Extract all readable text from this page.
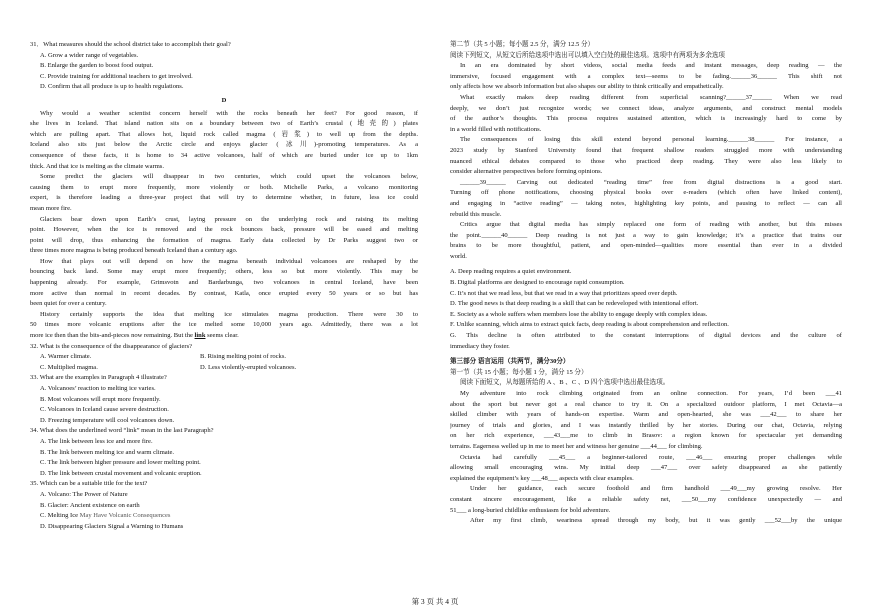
31．What measures should the school district take to accomplish their goal?
A. Grow a wider range of vegetables.
B. Enlarge the garden to boost food output.
C. Provide training for additional teachers to get involved.
D. Confirm that all produce is up to health regulations.
D
Why would a weather scientist concern herself with the rocks beneath her feet? For good reason, if
she lives in Iceland. That island nation sits on a boundary between two of Earth’s crustal (地壳的) plates
which are pulling apart. That allows hot, liquid rock called magma (岩浆) to well up from the depths.
Iceland also sits just below the Arctic circle and enjoys glacier (冰川)-promoting temperatures. As a
consequence of these facts, it is home to 34 active volcanoes, half of which are buried under ice up to 1km
thick. And that ice is melting as the climate warms.
Some predict the glaciers will disappear in two centuries, which could upset the volcanoes below,
causing them to erupt more frequently, more violently or both. Michelle Parks, a volcano monitoring
expert, is therefore leading a three-year project that will try to determine whether, in future, less ice could
mean more fire.
Glaciers bear down upon Earth’s crust, laying pressure on the underlying rock and raising its melting
point. However, when the ice is removed and the rock bounces back, pressure will be eased and melting
point will drop, thus enhancing the formation of magma. Early data collected by Dr Parks suggest two or
three times more magma is being produced beneath Iceland than a century ago.
How that plays out will depend on how the magma beneath individual volcanoes are reshaped by the
bouncing back land. Some may erupt more frequently; others, less so but more violently. This may be
happening already. For example, Grimsvotn and Bardarbunga, two volcanoes in central Iceland, have been
more active than normal in recent decades. By contrast, Katla, once erupted every 50 years or so but has
been quiet for over a century.
History certainly supports the idea that melting ice stimulates magma production. There were 30 to
50 times more volcanic eruptions after the ice melted some 10,000 years ago. Admittedly, there was a lot
more ice then than the bits-and-pieces now remaining. But the link seems clear.
32. What is the consequence of the disappearance of glaciers?
A. Warmer climate.	B. Rising melting point of rocks.
C. Multiplied magma.	D. Less violently-erupted volcanoes.
33. What are the examples in Paragraph 4 illustrate?
A. Volcanoes’ reaction to melting ice varies.
B. Most volcanoes will erupt more frequently.
C. Volcanoes in Iceland cause severe destruction.
D. Freezing temperature will cool volcanoes down.
34. What does the underlined word “link” mean in the last Paragraph?
A. The link between less ice and more fire.
B. The link between melting ice and warm climate.
C. The link between higher pressure and lower melting point.
D. The link between crustal movement and volcanic eruption.
35. Which can be a suitable title for the text?
A. Volcano: The Power of Nature
B. Glacier: Ancient existence on earth
C. Melting Ice May Have Volcanic Consequences
D. Disappearing Glaciers Signal a Warning to Humans
第二节（共 5 小题；每小题 2.5 分，满分 12.5 分）
阅读下列短文，从短文后所给选项中选出可以填入空白处的最佳选项。选项中有两项为多余选项
In an era dominated by short videos, social media feeds and instant messages, deep reading — the
immersive, focused engagement with a complex text—seems to be fading.______36______ This shift not
only affects how we absorb information but also shapes our ability to think critically and empathetically.
What exactly makes deep reading different from superficial scanning?______37______ When we read
deeply, we don’t just recognize words; we connect ideas, analyze arguments, and construct mental models
of the author’s thoughts. This process requires sustained attention, which is increasingly hard to come by
in a world filled with notifications.
The consequences of losing this skill extend beyond personal learning.______38______ For instance, a
2023 study by Stanford University found that frequent shallow readers struggled more with understanding
nuanced ethical debates compared to those who practiced deep reading. They were also less likely to
consider alternative perspectives before forming opinions.
______39______ Carving out dedicated “reading time” free from digital distractions is a good start.
Turning off phone notifications, choosing physical books over e-readers (which often have linked content),
and engaging in “active reading” — taking notes, highlighting key points, and pausing to reflect — can all
rebuild this muscle.
Critics argue that digital media has simply replaced one form of reading with another, but this misses
the point.______40______ Deep reading is not just a way to gain knowledge; it’s a practice that trains our
brains to be more thoughtful, patient, and open-minded—qualities more essential than ever in a divided
world.
A. Deep reading requires a quiet environment.
B. Digital platforms are designed to encourage rapid consumption.
C. It’s not that we read less, but that we read in a way that prioritizes speed over depth.
D. The good news is that deep reading is a skill that can be redeveloped with intentional effort.
E. Society as a whole suffers when members lose the ability to engage deeply with complex ideas.
F. Unlike scanning, which aims to extract quick facts, deep reading is about comprehension and reflection.
G. This decline is often attributed to the constant interruptions of digital devices and the culture of
immediacy they foster.
第三部分 语言运用（共两节，满分30分）
第一节（共 15 小题；每小题 1 分，满分 15 分）
阅读下面短文，从每题所给的 A 、B 、C 、D 四个选项中选出最佳选项。
My adventure into rock climbing originated from an online connection. For years, I’d been ___41
about the sport but never got a real chance to try it. On a specialized outdoor platform, I met Octavia—a
skilled climber with years of hands-on expertise. Warm and open-hearted, she was ___42___ to share her
journey of trials and glories, and I was instantly thrilled by her stories. During our chat, Octavia, relying
on her rich experience, ___43___me to climb in Brasov: a region known for spectacular yet demanding
terrains. Eagerness welled up in me to meet her and witness her genuine ___44___ for climbing.
Octavia had carefully ___45___ a beginner-tailored route, ___46___ ensuring proper challenges while
allowing small encouraging wins. My initial deep ___47___ over safety disappeared as she patiently
explained the equipment’s key ___48___ aspects with clear examples.
Under her guidance, each secure foothold and firm handhold ___49___my growing resolve. Her
constant sincere encouragement, like a reliable safety net, ___50___my confidence unexpectedly — and
51___ a long-buried childlike enthusiasm for bold adventure.
After my first climb, weariness spread through my body, but it was gently ___52___by the unique
第 3 页 共 4 页
